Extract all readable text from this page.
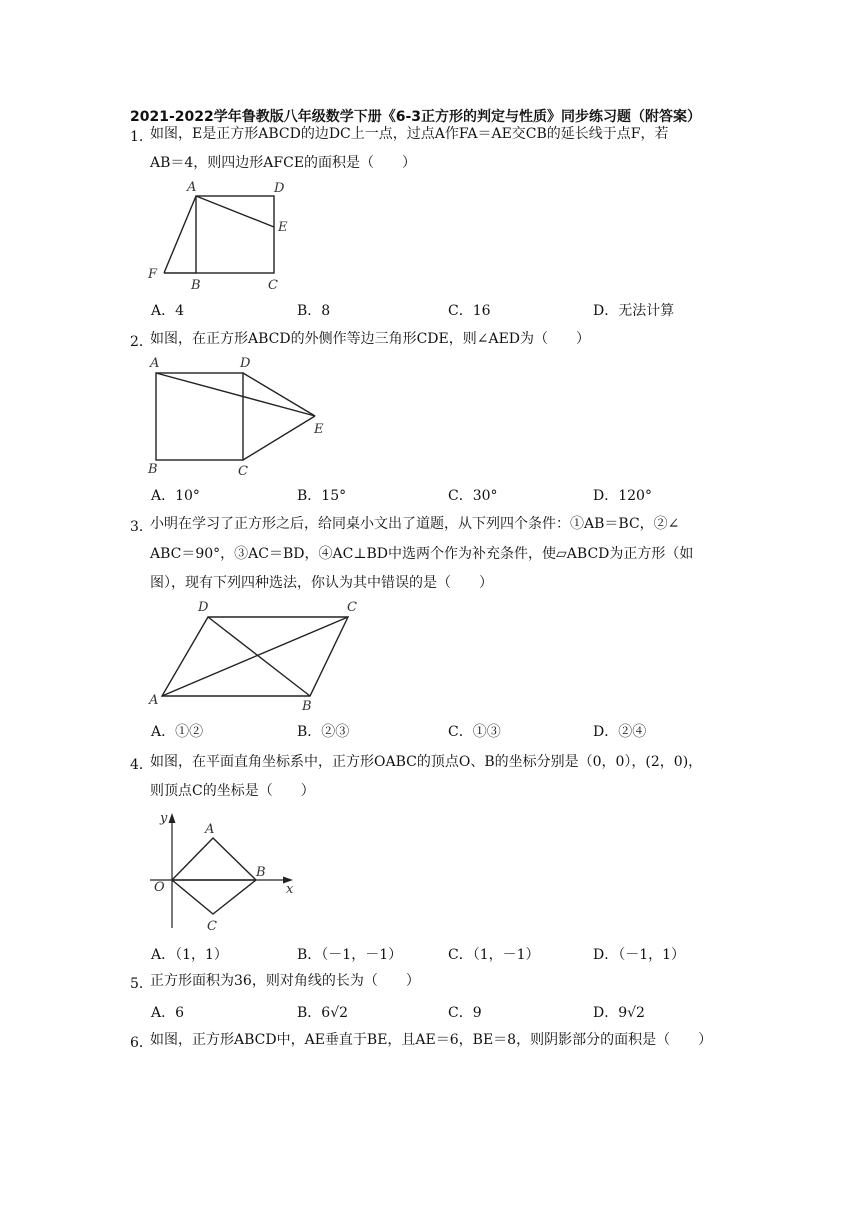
2021-2022学年鲁教版八年级数学下册《6-3正方形的判定与性质》同步练习题（附答案）
1．
如图，E是正方形ABCD的边DC上一点，过点A作FA＝AE交CB的延长线于点F，若
AB＝4，则四边形AFCE的面积是（　　）
A	D
E
F
B	C
A．4	B．8	C．16	D．无法计算
2．
如图，在正方形ABCD的外侧作等边三角形CDE，则∠AED为（　　）
A	D
E
B	C
A．10°	B．15°	C．30°	D．120°
3．
小明在学习了正方形之后，给同桌小文出了道题，从下列四个条件：①AB＝BC，②∠
ABC＝90°，③AC＝BD，④AC⊥BD中选两个作为补充条件，使▱ABCD为正方形（如
图），现有下列四种选法，你认为其中错误的是（　　）
D	C
A	B
A．①②	B．②③	C．①③	D．②④
4．
如图，在平面直角坐标系中，正方形OABC的顶点O、B的坐标分别是（0，0），(2，0)，
则顶点C的坐标是（　　）
y
A
O
B
x
C
A．（1，1）	B．（－1，－1）	C．（1，－1）	D．（－1，1）
5．
正方形面积为36，则对角线的长为（　　）
A．6	B．6√2	C．9	D．9√2
6．
如图，正方形ABCD中，AE垂直于BE，且AE＝6，BE＝8，则阴影部分的面积是（　　）
